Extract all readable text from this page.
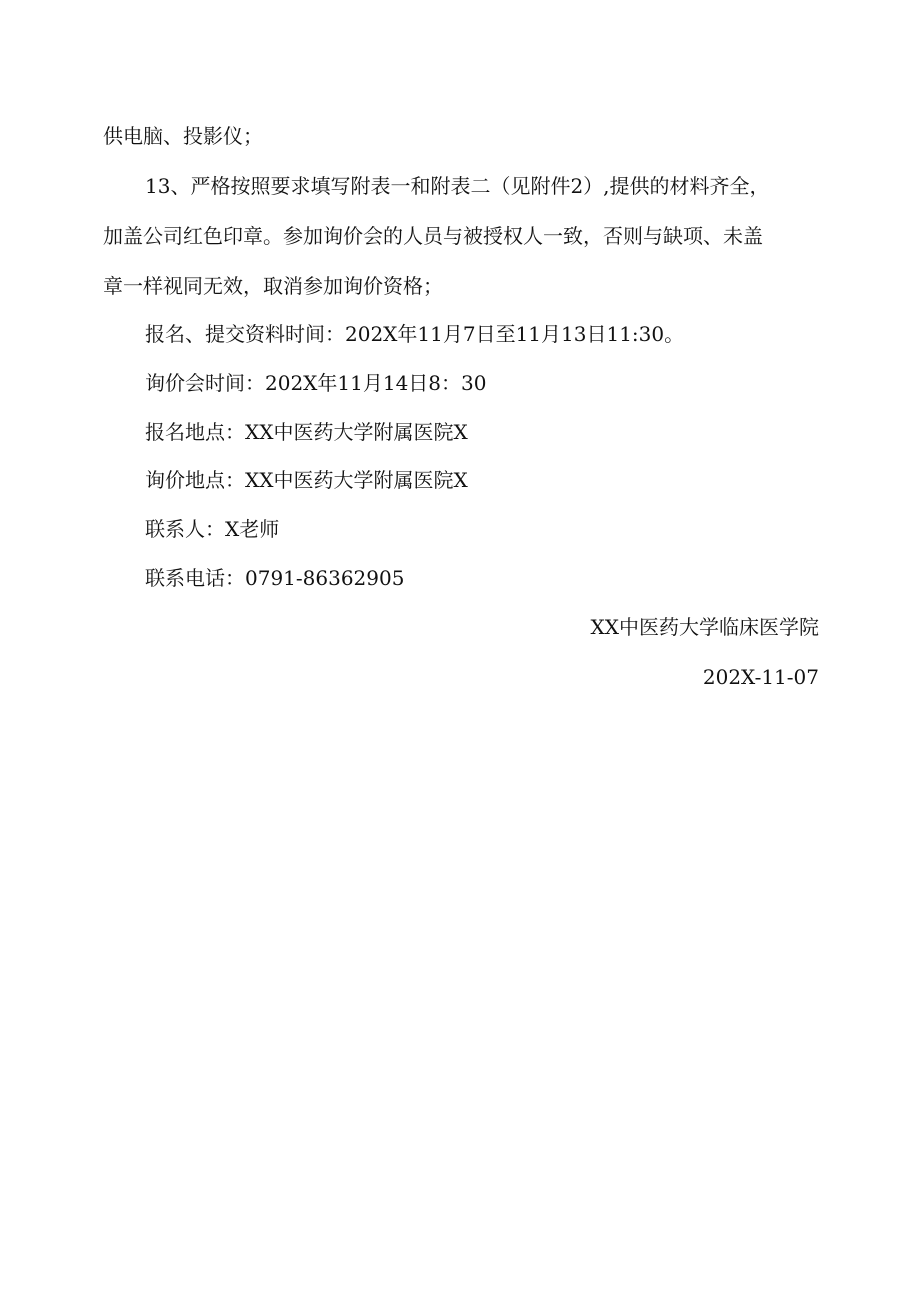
供电脑、投影仪；
13、严格按照要求填写附表一和附表二（见附件2）,提供的材料齐全，
加盖公司红色印章。参加询价会的人员与被授权人一致，否则与缺项、未盖
章一样视同无效，取消参加询价资格；
报名、提交资料时间：202X年11月7日至11月13日11:30。
询价会时间：202X年11月14日8：30
报名地点：XX中医药大学附属医院X
询价地点：XX中医药大学附属医院X
联系人：X老师
联系电话：0791-86362905
XX中医药大学临床医学院
202X-11-07
